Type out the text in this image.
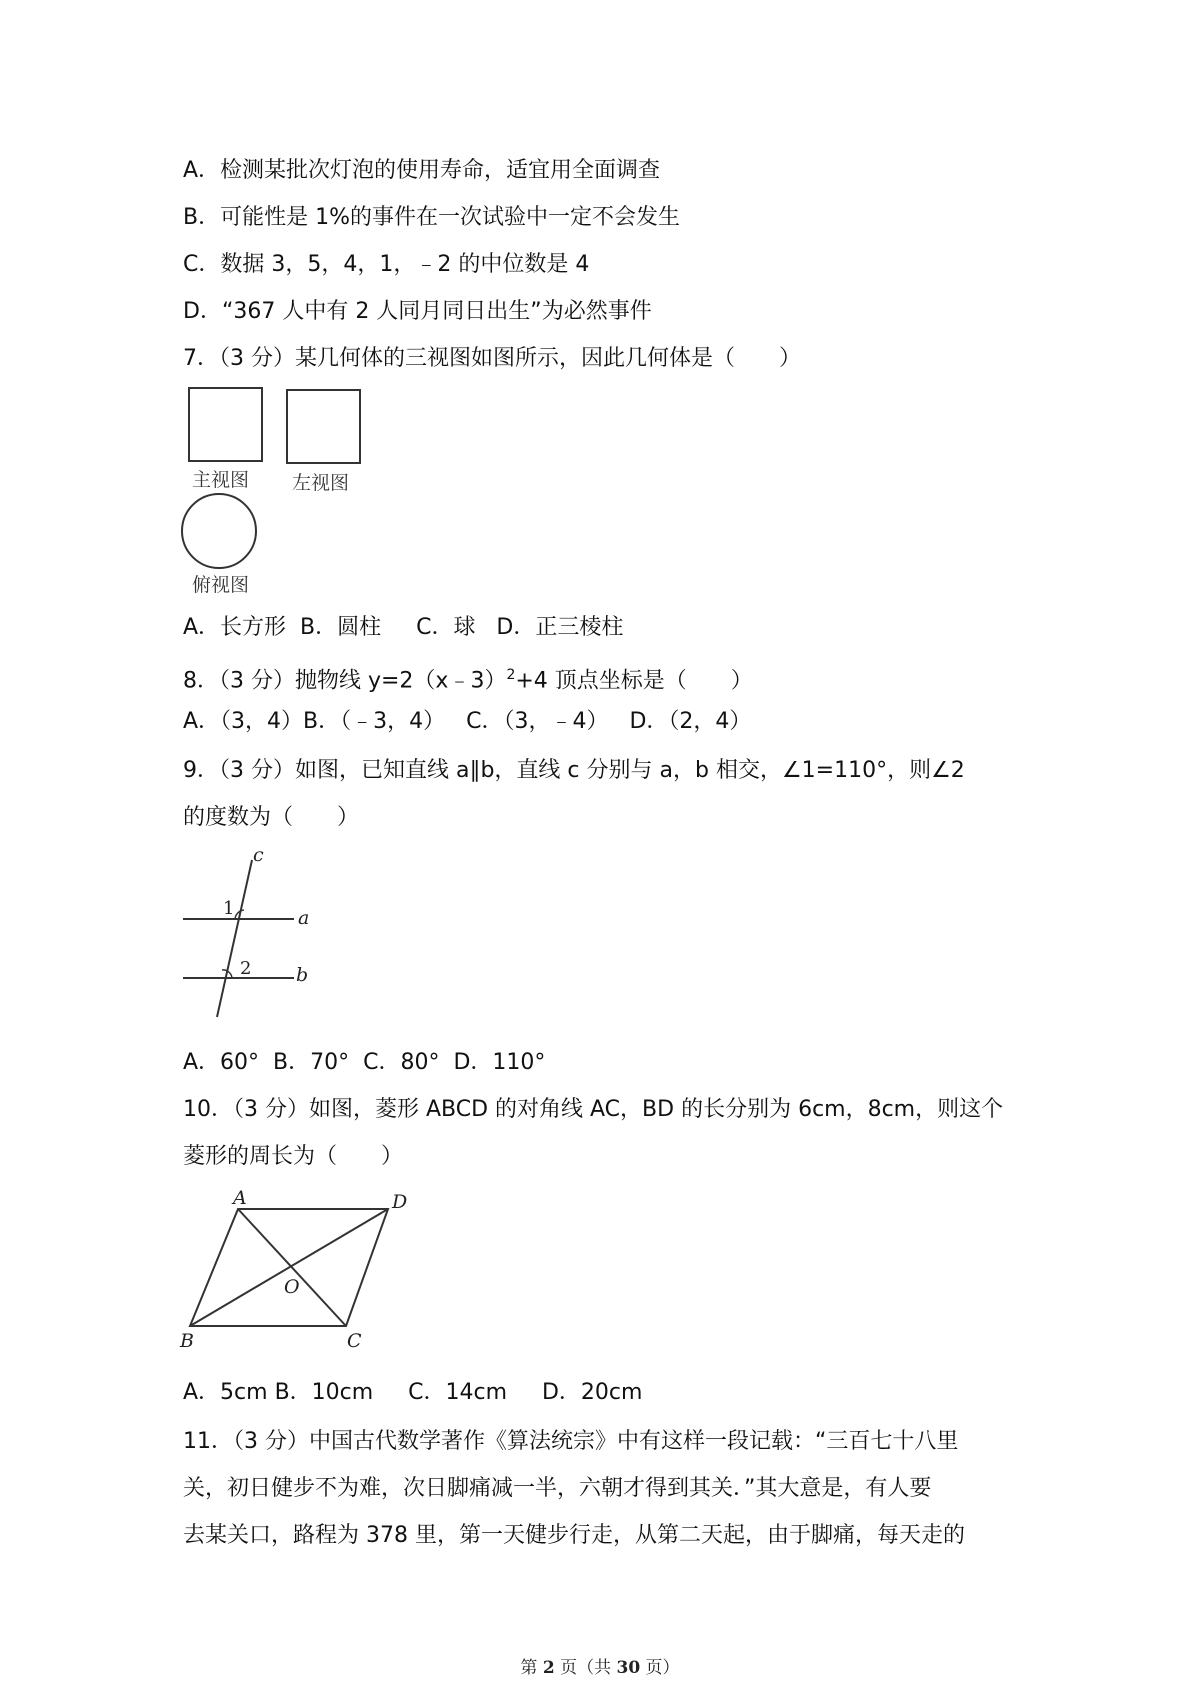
A．检测某批次灯泡的使用寿命，适宜用全面调查
B．可能性是 1%的事件在一次试验中一定不会发生
C．数据 3，5，4，1，﹣2 的中位数是 4
D．“367 人中有 2 人同月同日出生”为必然事件
7．（3 分）某几何体的三视图如图所示，因此几何体是（　　）
主视图 左视图
俯视图
A．长方形  B．圆柱     C．球   D．正三棱柱
8．（3 分）抛物线 y=2（x﹣3）$^2$+4 顶点坐标是（　　）
A．（3，4）B．（﹣3，4）   C．（3，﹣4）   D．（2，4）
9．（3 分）如图，已知直线 a∥b，直线 c 分别与 a，b 相交，∠1=110°，则∠2
的度数为（　　）
c
a
b
1
2
A．60°  B．70°  C．80°  D．110°
10．（3 分）如图，菱形 ABCD 的对角线 AC，BD 的长分别为 6cm，8cm，则这个
菱形的周长为（　　）
A	D
B	C
O
A．5cm B．10cm     C．14cm     D．20cm
11．（3 分）中国古代数学著作《算法统宗》中有这样一段记载：“三百七十八里
关，初日健步不为难，次日脚痛减一半，六朝才得到其关．”其大意是，有人要
去某关口，路程为 378 里，第一天健步行走，从第二天起，由于脚痛，每天走的
第 2 页（共 30 页）
